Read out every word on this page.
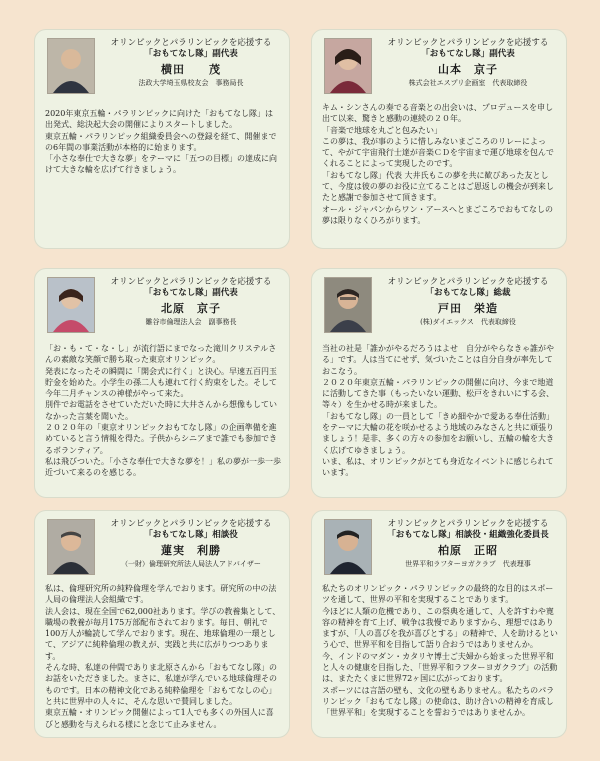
オリンピックとパラリンピックを応援する
「おもてなし隊」副代表
横田　　茂
法政大学埼玉県校友会　事務局長

2020年東京五輪・パラリンピックに向けた「おもてなし隊」は出発式、総決起大会の開催によりスタートしました。

東京五輪・パラリンピック組織委員会への登録を経て、開催までの6年間の事業活動が本格的に始まります。

「小さな奉仕で大きな夢」をテーマに「五つの目標」の達成に向けて大きな輪を広げて行きましょう。

オリンピックとパラリンピックを応援する
「おもてなし隊」副代表
山本　京子
株式会社エスプリ企画室　代表取締役

キム・シンさんの奏でる音楽との出会いは、プロデュースを申し出て以来、驚きと感動の連続の２０年。

「音楽で地球を丸ごと包みたい」

この夢は、我が事のように惜しみないまごころのリレーによって、やがて宇宙飛行士達が音楽ＣＤを宇宙まで運び地球を包んでくれることによって実現したのです。

「おもてなし隊」代表 大井氏もこの夢を共に歓びあった友として、今度は彼の夢のお役に立てることはご恩返しの機会が到来したと感謝で参加させて頂きます。

オール・ジャパンからワン・アースへとまごころでおもてなしの夢は限りなくひろがります。

オリンピックとパラリンピックを応援する
「おもてなし隊」副代表
北原　京子
雛谷市倫理法人会　副事務長

「お・も・て・な・し」が流行語にまでなった滝川クリステルさんの素敵な笑顔で勝ち取った東京オリンピック。

発表になったその瞬間に「開会式に行く」と決心。早速五百円玉貯金を始めた。小学生の孫二人も連れて行く約束をした。そして今年二月チャンスの神様がやって来た。

別件でお電話をさせていただいた時に大井さんから想像もしていなかった言葉を聞いた。

２０２０年の「東京オリンピックおもてなし隊」の企画準備を進めていると言う情報を得た。子供からシニアまで誰でも参加できるボランティア。

私は飛びついた。「小さな奉仕で大きな夢を！」私の夢が一歩一歩近づいて来るのを感じる。

オリンピックとパラリンピックを応援する
「おもてなし隊」総裁
戸田　栄造
(株)ダイエックス　代表取締役

当社の社是「誰かがやるだろうはよせ　自分がやらなきゃ誰がやる」です。人は当てにせず、気づいたことは自分自身が率先しておこなう。

２０２０年東京五輪・パラリンピックの開催に向け、今まで地道に活動してきた事（もったいない運動、松戸をきれいにする会、等々）を生かせる時が来ました。

「おもてなし隊」の一員として「きめ細やかで愛ある奉仕活動」をテーマに大輪の花を咲かせるよう地域のみなさんと共に頑張りましょう！是非、多くの方々の参加をお願いし、五輪の輪を大きく広げてゆきましょう。

いま、私は、オリンピックがとても身近なイベントに感じられています。

オリンピックとパラリンピックを応援する
「おもてなし隊」相談役
蓮実　利勝
（一財）倫理研究所法人局法人アドバイザー

私は、倫理研究所の純粋倫理を学んでおります。研究所の中の法人局の倫理法人会組織です。

法人会は、現在全国で62,000社あります。学びの教養集として、職場の教養が毎月175万部配布されております。毎日、朝礼で100万人が輪読して学んでおります。現在、地球倫理の一環として、アジアに純粋倫理の教えが、実践と共に広がりつつあります。

そんな時、私達の仲間でありま北原さんから「おもてなし隊」のお話をいただきました。まさに、私達が学んでいる地球倫理そのものです。日本の精神文化である純粋倫理を「おもてなしの心」と共に世界中の人々に、そんな思いで賛同しました。

東京五輪・オリンピック開催によって1人でも多くの外国人に喜びと感動を与えられる様にと念じて止みません。

オリンピックとパラリンピックを応援する
「おもてなし隊」相談役・組織強化委員長
柏原　正昭
世界平和ラフターヨガクラブ　代表理事

私たちのオリンピック・パラリンピックの最終的な目的はスポーツを通して、世界の平和を実現することであります。

今ほどに人類の危機であり、この祭典を通して、人を許すわや寛容の精神を育て上げ、戦争は我慢でありますから、理想ではありますが、「人の喜びを我が喜びとする」の精神で、人を助けるという心で、世界平和を目指して語り合おうではありませんか。

今、インドのマダン・カタリヤ博士ご夫婦から始まった世界平和と人々の健康を目指した、「世界平和ラフターヨガクラブ」の活動は、またたくまに世界72ヶ国に広がっております。

スポーツには言語の壁も、文化の壁もありません。私たちのパラリンピック「おもてなし隊」の使命は、助け合いの精神を育成し「世界平和」を実現することを誓おうではありませんか。
